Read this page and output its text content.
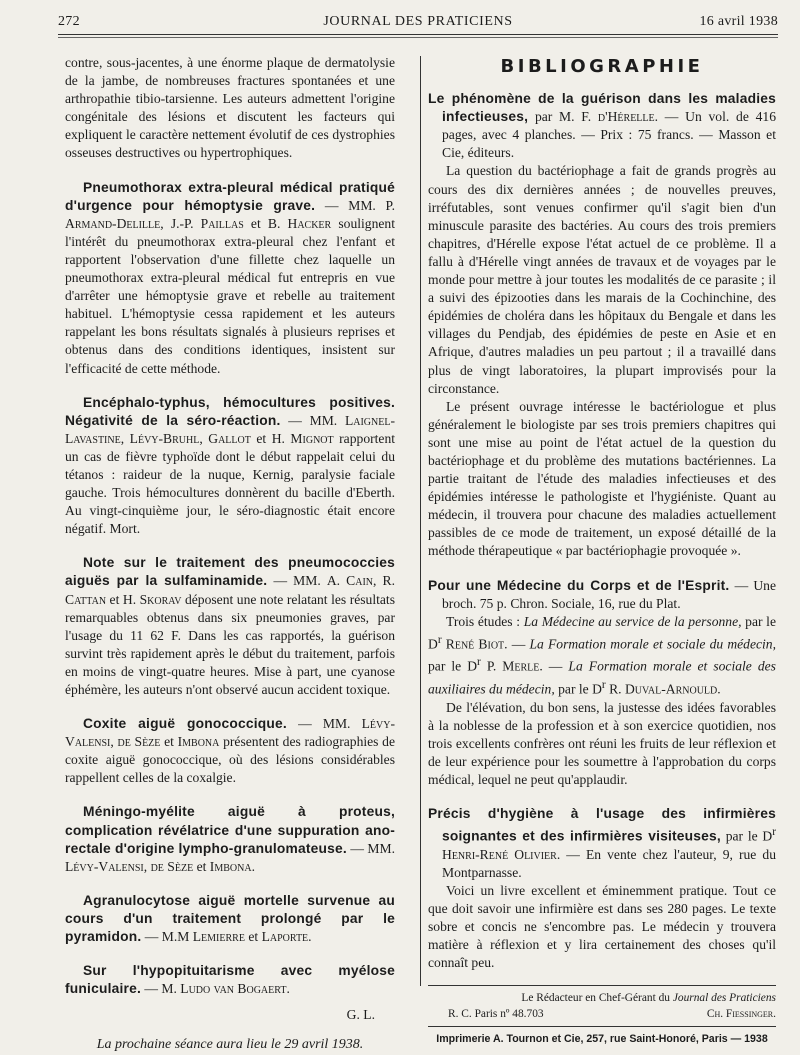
272	JOURNAL DES PRATICIENS	16 avril 1938

contre, sous-jacentes, à une énorme plaque de dermatolysie de la jambe, de nombreuses fractures spontanées et une arthropathie tibio-tarsienne. Les auteurs admettent l'origine congénitale des lésions et discutent les facteurs qui expliquent le caractère nettement évolutif de ces dystrophies osseuses destructives ou hypertrophiques.

Pneumothorax extra-pleural médical pratiqué d'urgence pour hémoptysie grave. — MM. P. Armand-Delille, J.-P. Paillas et B. Hacker soulignent l'intérêt du pneumothorax extra-pleural chez l'enfant et rapportent l'observation d'une fillette chez laquelle un pneumothorax extra-pleural médical fut entrepris en vue d'arrêter une hémoptysie grave et rebelle au traitement habituel. L'hémoptysie cessa rapidement et les auteurs rappelant les bons résultats signalés à plusieurs reprises et obtenus dans des conditions identiques, insistent sur l'efficacité de cette méthode.

Encéphalo-typhus, hémocultures positives. Négativité de la séro-réaction. — MM. Laignel-Lavastine, Lévy-Bruhl, Gallot et H. Mignot rapportent un cas de fièvre typhoïde dont le début rappelait celui du tétanos : raideur de la nuque, Kernig, paralysie faciale gauche. Trois hémocultures donnèrent du bacille d'Eberth. Au vingt-cinquième jour, le séro-diagnostic était encore négatif. Mort.

Note sur le traitement des pneumococcies aiguës par la sulfaminamide. — MM. A. Cain, R. Cattan et H. Skorav déposent une note relatant les résultats remarquables obtenus dans six pneumonies graves, par l'usage du 11 62 F. Dans les cas rapportés, la guérison survint très rapidement après le début du traitement, parfois en moins de vingt-quatre heures. Mise à part, une cyanose éphémère, les auteurs n'ont observé aucun accident toxique.

Coxite aiguë gonococcique. — MM. Lévy-Valensi, de Sèze et Imbona présentent des radiographies de coxite aiguë gonococcique, où des lésions considérables rappellent celles de la coxalgie.

Méningo-myélite aiguë à proteus, complication révélatrice d'une suppuration ano-rectale d'origine lympho-granulomateuse. — MM. Lévy-Valensi, de Sèze et Imbona.

Agranulocytose aiguë mortelle survenue au cours d'un traitement prolongé par le pyramidon. — M.M Lemierre et Laporte.

Sur l'hypopituitarisme avec myélose funiculaire. — M. Ludo van Bogaert.

G. L.

La prochaine séance aura lieu le 29 avril 1938.

BIBLIOGRAPHIE

Le phénomène de la guérison dans les maladies infectieuses, par M. F. d'Hérelle. — Un vol. de 416 pages, avec 4 planches. — Prix : 75 francs. — Masson et Cie, éditeurs.

La question du bactériophage a fait de grands progrès au cours des dix dernières années ; de nouvelles preuves, irréfutables, sont venues confirmer qu'il s'agit bien d'un minuscule parasite des bactéries. Au cours des trois premiers chapitres, d'Hérelle expose l'état actuel de ce problème. Il a fallu à d'Hérelle vingt années de travaux et de voyages par le monde pour mettre à jour toutes les modalités de ce parasite ; il a suivi des épizooties dans les marais de la Cochinchine, des épidémies de choléra dans les hôpitaux du Bengale et dans les villages du Pendjab, des épidémies de peste en Asie et en Afrique, d'autres maladies un peu partout ; il a travaillé dans plus de vingt laboratoires, la plupart improvisés pour la circonstance.

Le présent ouvrage intéresse le bactériologue et plus généralement le biologiste par ses trois premiers chapitres qui sont une mise au point de l'état actuel de la question du bactériophage et du problème des mutations bactériennes. La partie traitant de l'étude des maladies infectieuses et des épidémies intéresse le pathologiste et l'hygiéniste. Quant au médecin, il trouvera pour chacune des maladies actuellement passibles de ce mode de traitement, un exposé détaillé de la méthode thérapeutique « par bactériophagie provoquée ».

Pour une Médecine du Corps et de l'Esprit. — Une broch. 75 p. Chron. Sociale, 16, rue du Plat.

Trois études : La Médecine au service de la personne, par le $D^r$ René Biot. — La Formation morale et sociale du médecin, par le $D^r$ P. Merle. — La Formation morale et sociale des auxiliaires du médecin, par le $D^r$ R. Duval-Arnould.

De l'élévation, du bon sens, la justesse des idées favorables à la noblesse de la profession et à son exercice quotidien, nos trois excellents confrères ont réuni les fruits de leur réflexion et de leur expérience pour les soumettre à l'approbation du corps médical, lequel ne peut qu'applaudir.

Précis d'hygiène à l'usage des infirmières soignantes et des infirmières visiteuses, par le $D^r$ Henri-René Olivier. — En vente chez l'auteur, 9, rue du Montparnasse.

Voici un livre excellent et éminemment pratique. Tout ce que doit savoir une infirmière est dans ses 280 pages. Le texte sobre et concis ne s'encombre pas. Le médecin y trouvera matière à réflexion et y lira certainement des choses qu'il connaît peu.

Le Rédacteur en Chef-Gérant du Journal des Praticiens
R. C. Paris nº 48.703	Ch. Fiessinger.
Imprimerie A. Tournon et Cie, 257, rue Saint-Honoré, Paris — 1938
